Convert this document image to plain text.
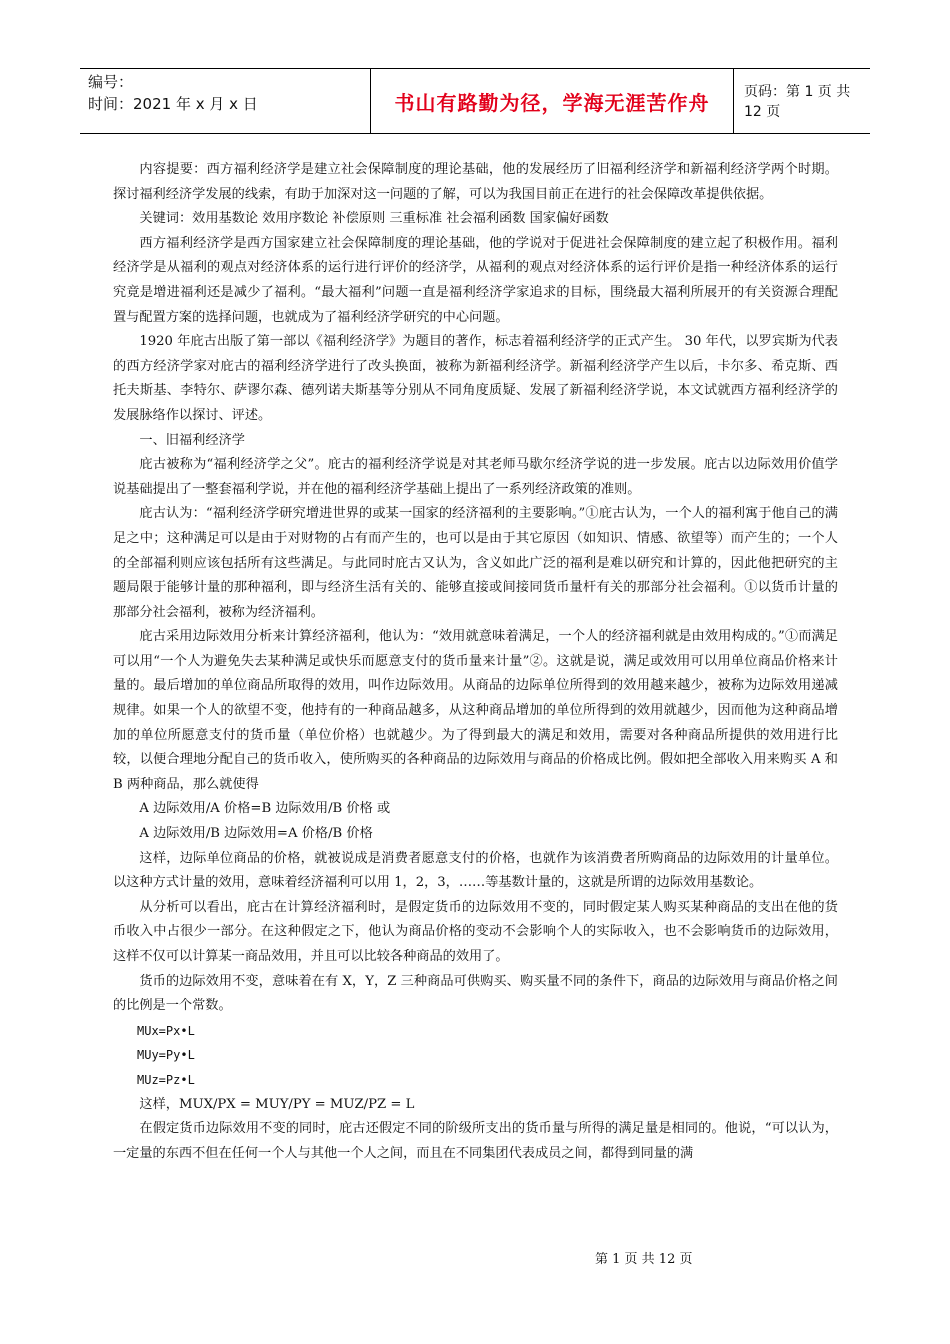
编号：
时间：2021 年 x 月 x 日	书山有路勤为径，学海无涯苦作舟 页码：第 1 页 共 12 页

内容提要：西方福利经济学是建立社会保障制度的理论基础，他的发展经历了旧福利经济学和新福利经济学两个时期。探讨福利经济学发展的线索，有助于加深对这一问题的了解，可以为我国目前正在进行的社会保障改革提供依据。

关键词：效用基数论 效用序数论 补偿原则 三重标准 社会福利函数 国家偏好函数

西方福利经济学是西方国家建立社会保障制度的理论基础，他的学说对于促进社会保障制度的建立起了积极作用。福利经济学是从福利的观点对经济体系的运行进行评价的经济学，从福利的观点对经济体系的运行评价是指一种经济体系的运行究竟是增进福利还是减少了福利。“最大福利”问题一直是福利经济学家追求的目标，围绕最大福利所展开的有关资源合理配置与配置方案的选择问题，也就成为了福利经济学研究的中心问题。

1920 年庇古出版了第一部以《福利经济学》为题目的著作，标志着福利经济学的正式产生。 30 年代，以罗宾斯为代表的西方经济学家对庇古的福利经济学进行了改头换面，被称为新福利经济学。新福利经济学产生以后，卡尔多、希克斯、西托夫斯基、李特尔、萨谬尔森、德列诺夫斯基等分别从不同角度质疑、发展了新福利经济学说，本文试就西方福利经济学的发展脉络作以探讨、评述。

一、旧福利经济学

庇古被称为“福利经济学之父”。庇古的福利经济学说是对其老师马歇尔经济学说的进一步发展。庇古以边际效用价值学说基础提出了一整套福利学说，并在他的福利经济学基础上提出了一系列经济政策的准则。

庇古认为：“福利经济学研究增进世界的或某一国家的经济福利的主要影响。”①庇古认为，一个人的福利寓于他自己的满足之中；这种满足可以是由于对财物的占有而产生的，也可以是由于其它原因（如知识、情感、欲望等）而产生的；一个人的全部福利则应该包括所有这些满足。与此同时庇古又认为，含义如此广泛的福利是难以研究和计算的，因此他把研究的主题局限于能够计量的那种福利，即与经济生活有关的、能够直接或间接同货币量杆有关的那部分社会福利。①以货币计量的那部分社会福利，被称为经济福利。

庇古采用边际效用分析来计算经济福利，他认为：“效用就意味着满足，一个人的经济福利就是由效用构成的。”①而满足可以用“一个人为避免失去某种满足或快乐而愿意支付的货币量来计量”②。这就是说，满足或效用可以用单位商品价格来计量的。最后增加的单位商品所取得的效用，叫作边际效用。从商品的边际单位所得到的效用越来越少，被称为边际效用递减规律。如果一个人的欲望不变，他持有的一种商品越多，从这种商品增加的单位所得到的效用就越少，因而他为这种商品增加的单位所愿意支付的货币量（单位价格）也就越少。为了得到最大的满足和效用，需要对各种商品所提供的效用进行比较，以便合理地分配自己的货币收入，使所购买的各种商品的边际效用与商品的价格成比例。假如把全部收入用来购买 A 和 B 两种商品，那么就使得

A 边际效用/A 价格=B 边际效用/B 价格 或

A 边际效用/B 边际效用=A 价格/B 价格

这样，边际单位商品的价格，就被说成是消费者愿意支付的价格，也就作为该消费者所购商品的边际效用的计量单位。以这种方式计量的效用，意味着经济福利可以用 1，2，3，……等基数计量的，这就是所谓的边际效用基数论。

从分析可以看出，庇古在计算经济福利时，是假定货币的边际效用不变的，同时假定某人购买某种商品的支出在他的货币收入中占很少一部分。在这种假定之下，他认为商品价格的变动不会影响个人的实际收入，也不会影响货币的边际效用，这样不仅可以计算某一商品效用，并且可以比较各种商品的效用了。

货币的边际效用不变，意味着在有 X，Y，Z 三种商品可供购买、购买量不同的条件下，商品的边际效用与商品价格之间的比例是一个常数。

MUx=Px•L

MUy=Py•L

MUz=Pz•L

这样，MUX/PX = MUY/PY = MUZ/PZ = L

在假定货币边际效用不变的同时，庇古还假定不同的阶级所支出的货币量与所得的满足量是相同的。他说，“可以认为，一定量的东西不但在任何一个人与其他一个人之间，而且在不同集团代表成员之间，都得到同量的满

第 1 页 共 12 页
